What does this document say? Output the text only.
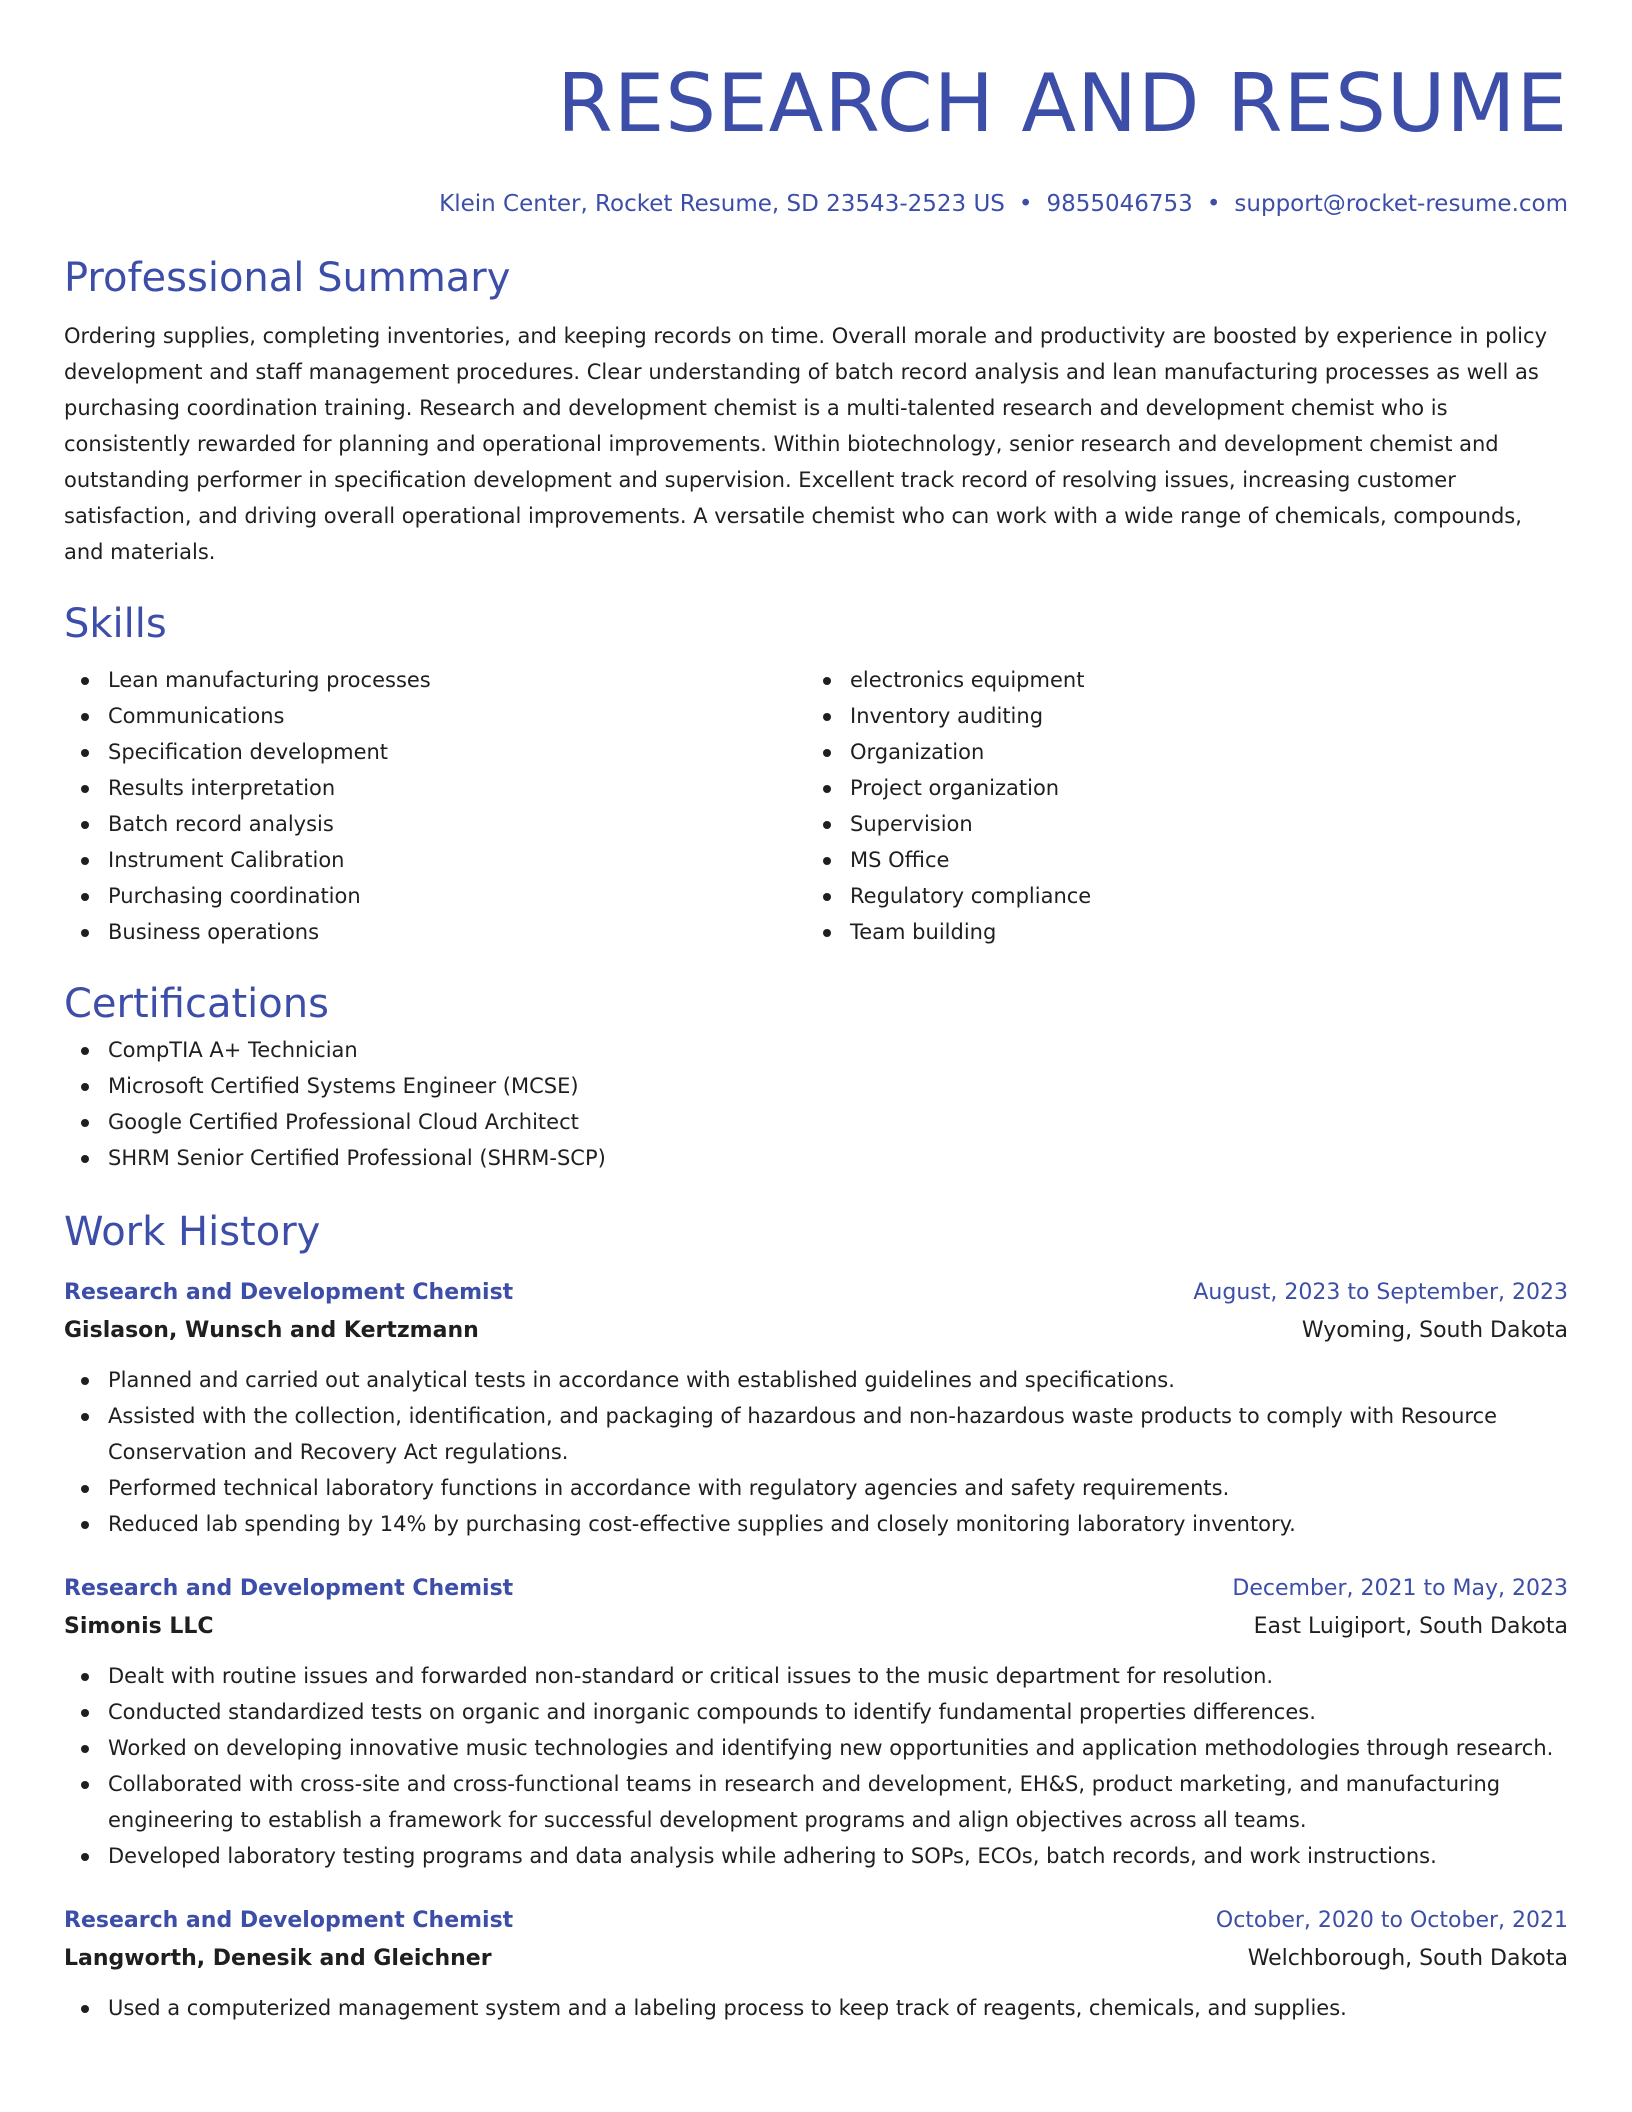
RESEARCH AND RESUME
Klein Center, Rocket Resume, SD 23543-2523 US • 9855046753 • support@rocket-resume.com
Professional Summary
Ordering supplies, completing inventories, and keeping records on time. Overall morale and productivity are boosted by experience in policy development and staff management procedures. Clear understanding of batch record analysis and lean manufacturing processes as well as purchasing coordination training. Research and development chemist is a multi-talented research and development chemist who is consistently rewarded for planning and operational improvements. Within biotechnology, senior research and development chemist and outstanding performer in specification development and supervision. Excellent track record of resolving issues, increasing customer satisfaction, and driving overall operational improvements. A versatile chemist who can work with a wide range of chemicals, compounds, and materials.
Skills
Lean manufacturing processes
Communications
Specification development
Results interpretation
Batch record analysis
Instrument Calibration
Purchasing coordination
Business operations
electronics equipment
Inventory auditing
Organization
Project organization
Supervision
MS Office
Regulatory compliance
Team building
Certifications
CompTIA A+ Technician
Microsoft Certified Systems Engineer (MCSE)
Google Certified Professional Cloud Architect
SHRM Senior Certified Professional (SHRM-SCP)
Work History
Research and Development Chemist	August, 2023 to September, 2023
Gislason, Wunsch and Kertzmann	Wyoming, South Dakota
Planned and carried out analytical tests in accordance with established guidelines and specifications.
Assisted with the collection, identification, and packaging of hazardous and non-hazardous waste products to comply with Resource Conservation and Recovery Act regulations.
Performed technical laboratory functions in accordance with regulatory agencies and safety requirements.
Reduced lab spending by 14% by purchasing cost-effective supplies and closely monitoring laboratory inventory.
Research and Development Chemist	December, 2021 to May, 2023
Simonis LLC	East Luigiport, South Dakota
Dealt with routine issues and forwarded non-standard or critical issues to the music department for resolution.
Conducted standardized tests on organic and inorganic compounds to identify fundamental properties differences.
Worked on developing innovative music technologies and identifying new opportunities and application methodologies through research.
Collaborated with cross-site and cross-functional teams in research and development, EH&S, product marketing, and manufacturing engineering to establish a framework for successful development programs and align objectives across all teams.
Developed laboratory testing programs and data analysis while adhering to SOPs, ECOs, batch records, and work instructions.
Research and Development Chemist	October, 2020 to October, 2021
Langworth, Denesik and Gleichner	Welchborough, South Dakota
Used a computerized management system and a labeling process to keep track of reagents, chemicals, and supplies.
